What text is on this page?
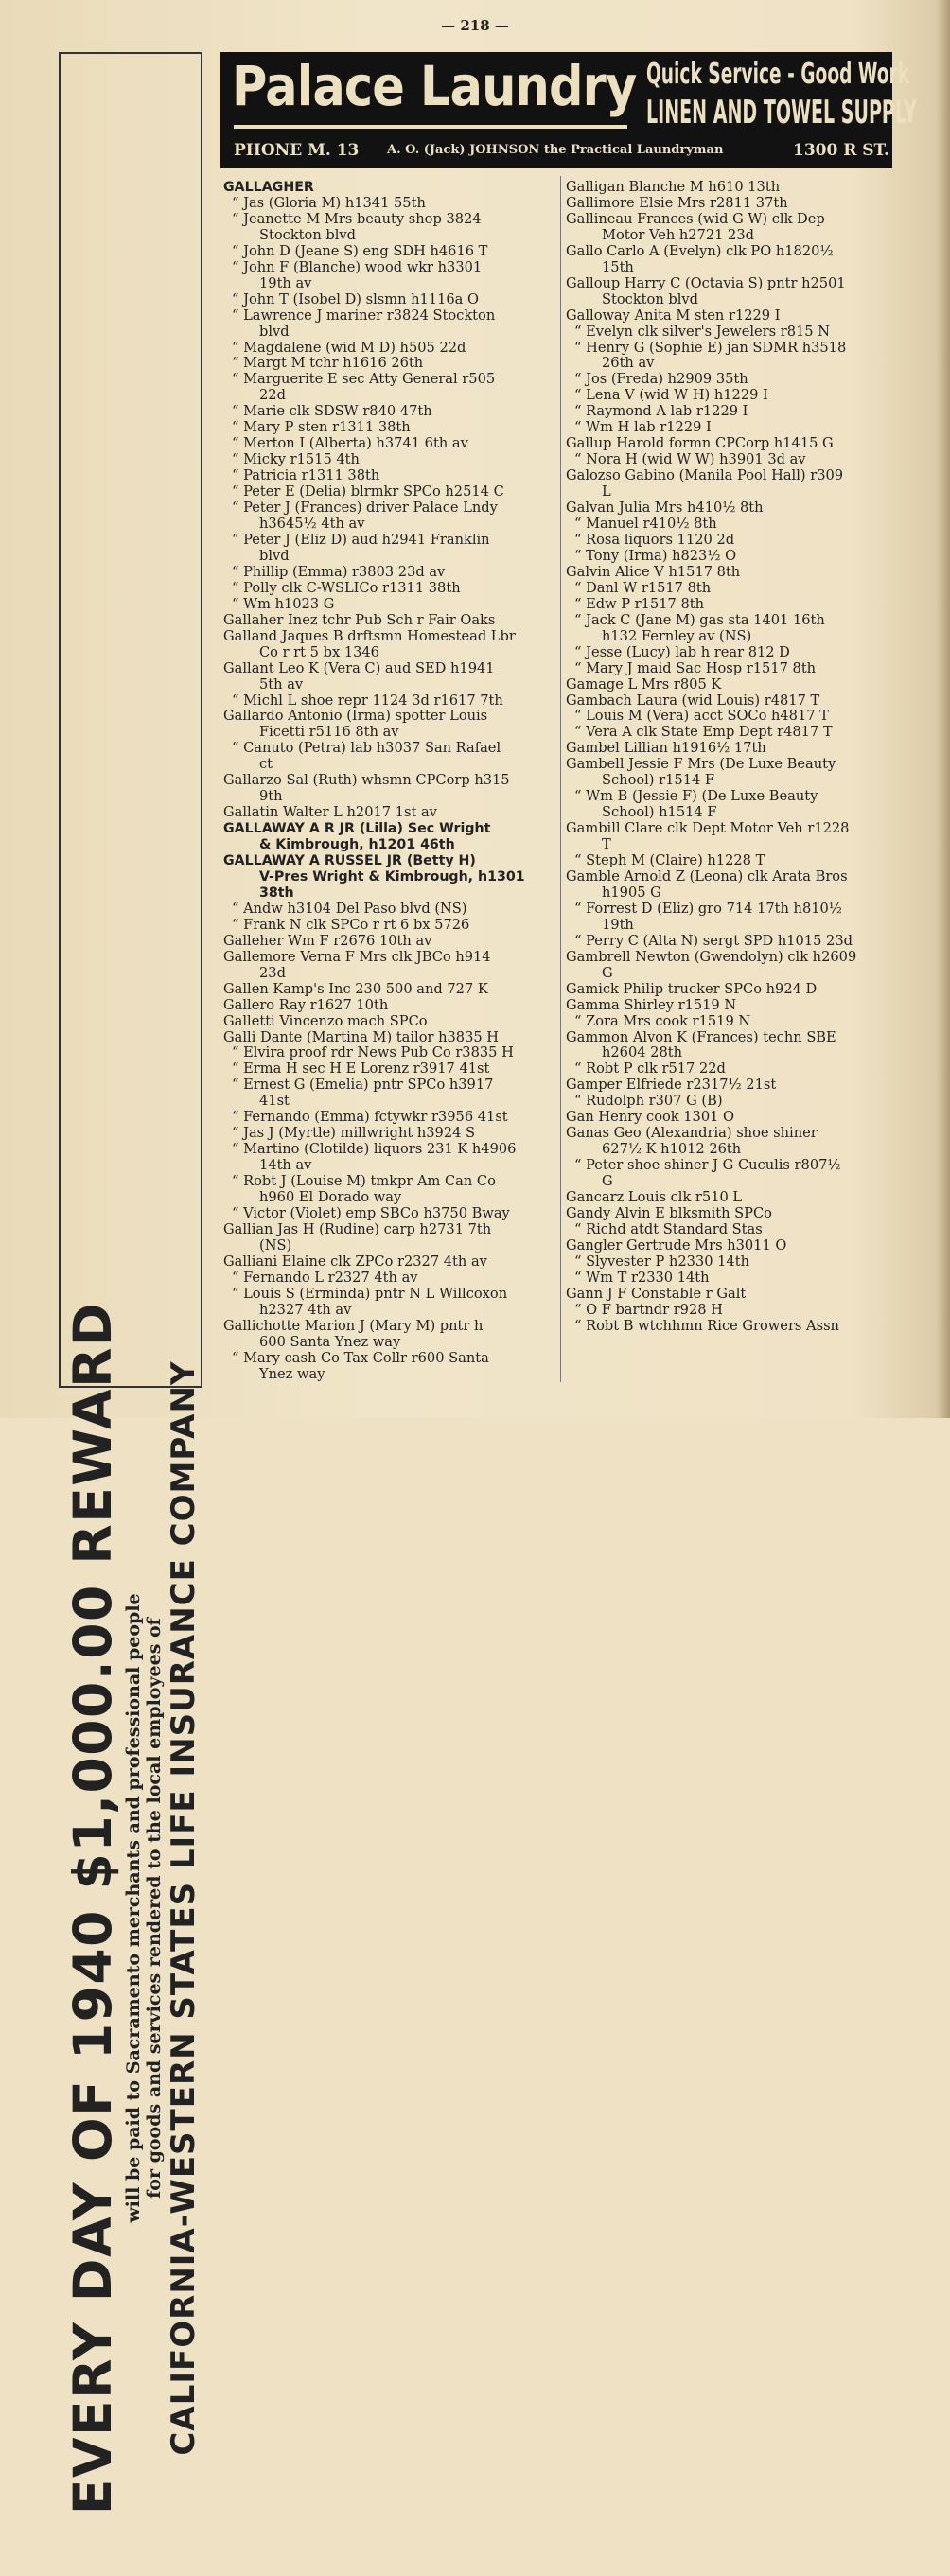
— 218 —
EVERY DAY OF 1940 $1,000.00 REWARD will be paid to Sacramento merchants and professional people for goods and services rendered to the local employees of CALIFORNIA-WESTERN STATES LIFE INSURANCE COMPANY
Palace Laundry Quick Service - Good Work
LINEN AND TOWEL SUPPLY
PHONE M. 13 A. O. (Jack) JOHNSON the Practical Laundryman	1300 R ST.
GALLAGHER
“ Jas (Gloria M) h1341 55th
“ Jeanette M Mrs beauty shop 3824
Stockton blvd
“ John D (Jeane S) eng SDH h4616 T
“ John F (Blanche) wood wkr h3301
19th av
“ John T (Isobel D) slsmn h1116a O
“ Lawrence J mariner r3824 Stockton
blvd
“ Magdalene (wid M D) h505 22d
“ Margt M tchr h1616 26th
“ Marguerite E sec Atty General r505
22d
“ Marie clk SDSW r840 47th
“ Mary P sten r1311 38th
“ Merton I (Alberta) h3741 6th av
“ Micky r1515 4th
“ Patricia r1311 38th
“ Peter E (Delia) blrmkr SPCo h2514 C
“ Peter J (Frances) driver Palace Lndy
h3645½ 4th av
“ Peter J (Eliz D) aud h2941 Franklin
blvd
“ Phillip (Emma) r3803 23d av
“ Polly clk C-WSLICo r1311 38th
“ Wm h1023 G
Gallaher Inez tchr Pub Sch r Fair Oaks
Galland Jaques B drftsmn Homestead Lbr
Co r rt 5 bx 1346
Gallant Leo K (Vera C) aud SED h1941
5th av
“ Michl L shoe repr 1124 3d r1617 7th
Gallardo Antonio (Irma) spotter Louis
Ficetti r5116 8th av
“ Canuto (Petra) lab h3037 San Rafael
ct
Gallarzo Sal (Ruth) whsmn CPCorp h315
9th
Gallatin Walter L h2017 1st av
GALLAWAY A R JR (Lilla) Sec Wright
& Kimbrough, h1201 46th
GALLAWAY A RUSSEL JR (Betty H)
V-Pres Wright & Kimbrough, h1301
38th
“ Andw h3104 Del Paso blvd (NS)
“ Frank N clk SPCo r rt 6 bx 5726
Galleher Wm F r2676 10th av
Gallemore Verna F Mrs clk JBCo h914
23d
Gallen Kamp's Inc 230 500 and 727 K
Gallero Ray r1627 10th
Galletti Vincenzo mach SPCo
Galli Dante (Martina M) tailor h3835 H
“ Elvira proof rdr News Pub Co r3835 H
“ Erma H sec H E Lorenz r3917 41st
“ Ernest G (Emelia) pntr SPCo h3917
41st
“ Fernando (Emma) fctywkr r3956 41st
“ Jas J (Myrtle) millwright h3924 S
“ Martino (Clotilde) liquors 231 K h4906
14th av
“ Robt J (Louise M) tmkpr Am Can Co
h960 El Dorado way
“ Victor (Violet) emp SBCo h3750 Bway
Gallian Jas H (Rudine) carp h2731 7th
(NS)
Galliani Elaine clk ZPCo r2327 4th av
“ Fernando L r2327 4th av
“ Louis S (Erminda) pntr N L Willcoxon
h2327 4th av
Gallichotte Marion J (Mary M) pntr h
600 Santa Ynez way
“ Mary cash Co Tax Collr r600 Santa
Ynez way
Galligan Blanche M h610 13th
Gallimore Elsie Mrs r2811 37th
Gallineau Frances (wid G W) clk Dep
Motor Veh h2721 23d
Gallo Carlo A (Evelyn) clk PO h1820½
15th
Galloup Harry C (Octavia S) pntr h2501
Stockton blvd
Galloway Anita M sten r1229 I
“ Evelyn clk silver's Jewelers r815 N
“ Henry G (Sophie E) jan SDMR h3518
26th av
“ Jos (Freda) h2909 35th
“ Lena V (wid W H) h1229 I
“ Raymond A lab r1229 I
“ Wm H lab r1229 I
Gallup Harold formn CPCorp h1415 G
“ Nora H (wid W W) h3901 3d av
Galozso Gabino (Manila Pool Hall) r309
L
Galvan Julia Mrs h410½ 8th
“ Manuel r410½ 8th
“ Rosa liquors 1120 2d
“ Tony (Irma) h823½ O
Galvin Alice V h1517 8th
“ Danl W r1517 8th
“ Edw P r1517 8th
“ Jack C (Jane M) gas sta 1401 16th
h132 Fernley av (NS)
“ Jesse (Lucy) lab h rear 812 D
“ Mary J maid Sac Hosp r1517 8th
Gamage L Mrs r805 K
Gambach Laura (wid Louis) r4817 T
“ Louis M (Vera) acct SOCo h4817 T
“ Vera A clk State Emp Dept r4817 T
Gambel Lillian h1916½ 17th
Gambell Jessie F Mrs (De Luxe Beauty
School) r1514 F
“ Wm B (Jessie F) (De Luxe Beauty
School) h1514 F
Gambill Clare clk Dept Motor Veh r1228
T
“ Steph M (Claire) h1228 T
Gamble Arnold Z (Leona) clk Arata Bros
h1905 G
“ Forrest D (Eliz) gro 714 17th h810½
19th
“ Perry C (Alta N) sergt SPD h1015 23d
Gambrell Newton (Gwendolyn) clk h2609
G
Gamick Philip trucker SPCo h924 D
Gamma Shirley r1519 N
“ Zora Mrs cook r1519 N
Gammon Alvon K (Frances) techn SBE
h2604 28th
“ Robt P clk r517 22d
Gamper Elfriede r2317½ 21st
“ Rudolph r307 G (B)
Gan Henry cook 1301 O
Ganas Geo (Alexandria) shoe shiner
627½ K h1012 26th
“ Peter shoe shiner J G Cuculis r807½
G
Gancarz Louis clk r510 L
Gandy Alvin E blksmith SPCo
“ Richd atdt Standard Stas
Gangler Gertrude Mrs h3011 O
“ Slyvester P h2330 14th
“ Wm T r2330 14th
Gann J F Constable r Galt
“ O F bartndr r928 H
“ Robt B wtchhmn Rice Growers Assn
